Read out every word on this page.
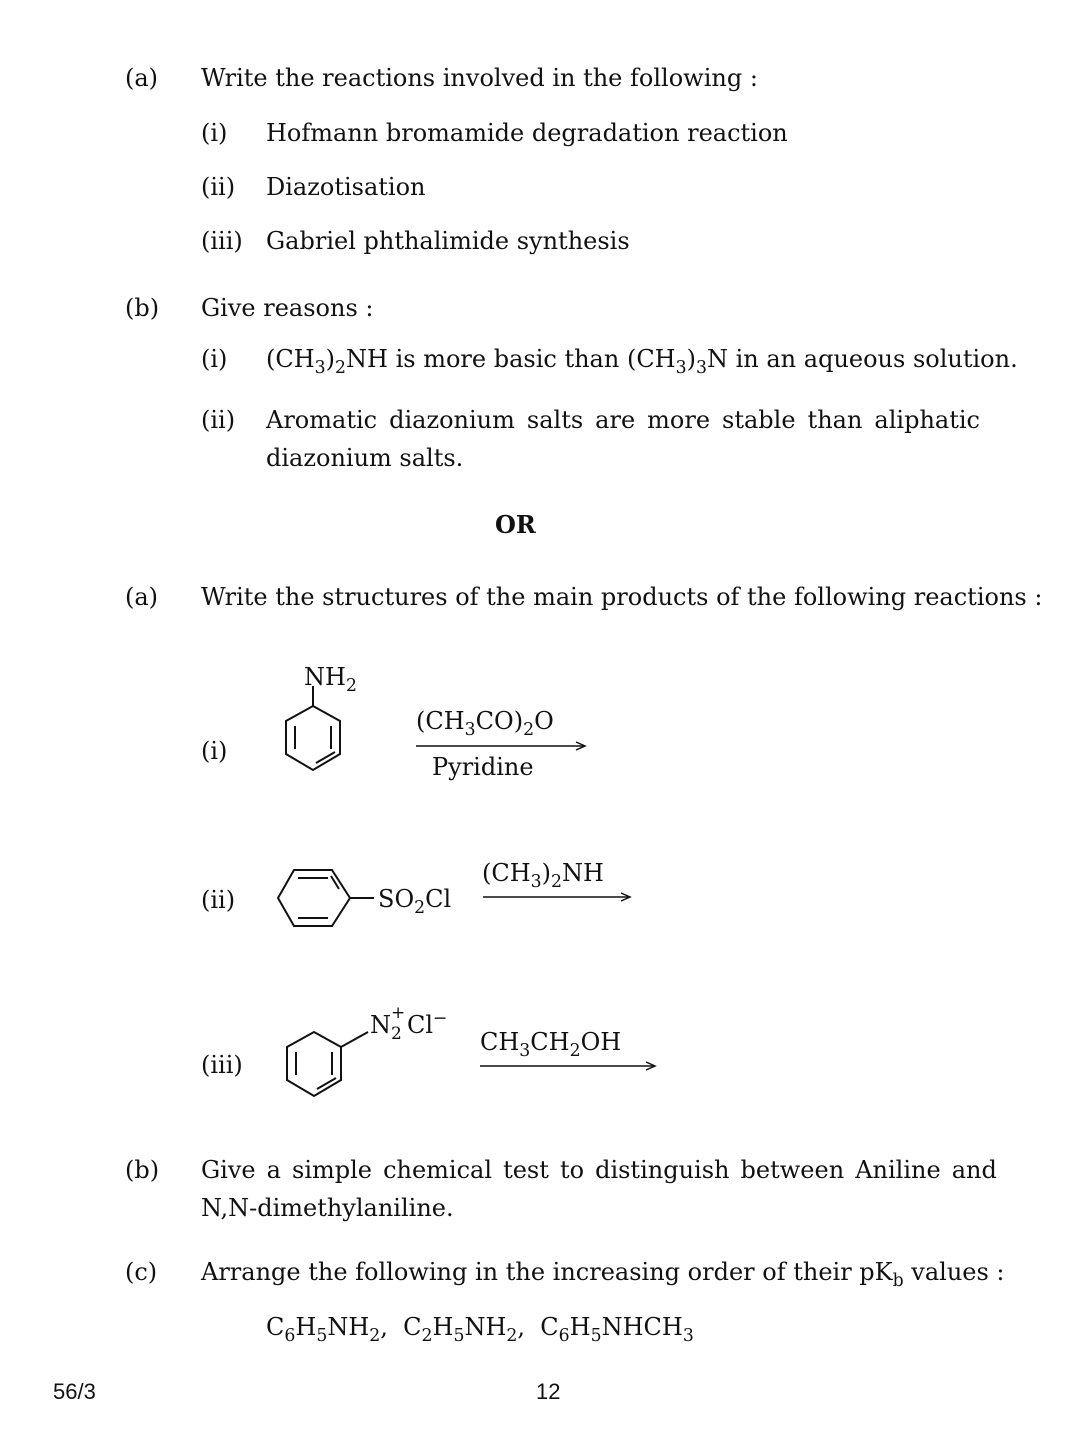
(a) Write the reactions involved in the following :
(i) Hofmann bromamide degradation reaction
(ii) Diazotisation
(iii) Gabriel phthalimide synthesis
(b) Give reasons :
(i) $(CH_3)_2NH$ is more basic than $(CH_3)_3N$ in an aqueous solution.
(ii) Aromatic diazonium salts are more stable than aliphatic
diazonium salts.
OR
(a) Write the structures of the main products of the following reactions :
(i)
$NH_2$
$(CH_3CO)_2O$
Pyridine
(ii)	$SO_2Cl$
$(CH_3)_2NH$
(iii)
N +
2 Cl−
$CH_3CH_2OH$
(b) Give a simple chemical test to distinguish between Aniline and
N,N-dimethylaniline.
(c) Arrange the following in the increasing order of their $pK_b$ values :
$C_6H_5NH_2$,  $C_2H_5NH_2$,  $C_6H_5NHCH_3$
56/3	12
